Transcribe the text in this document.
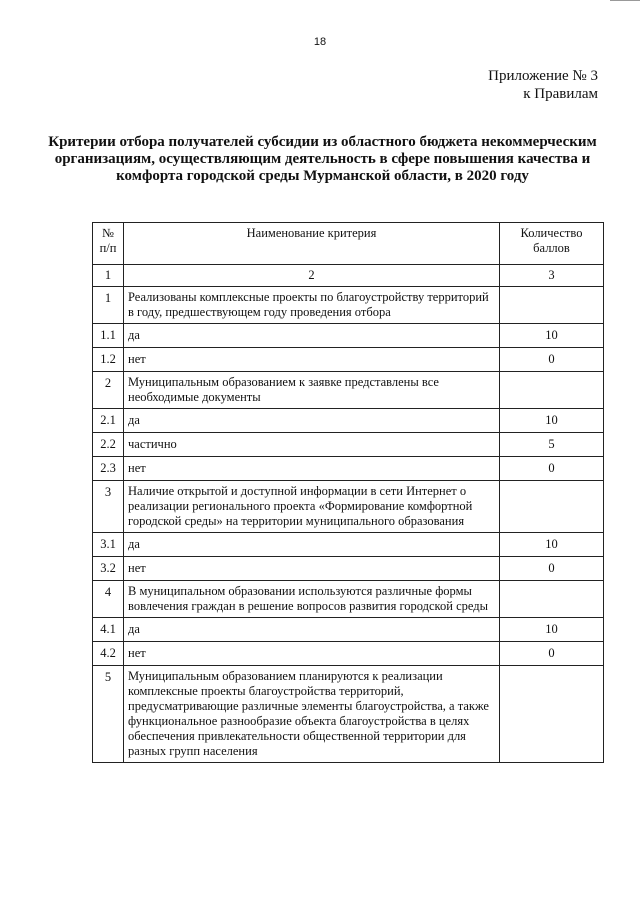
18
Приложение № 3
к Правилам
Критерии отбора получателей субсидии из областного бюджета некоммерческим организациям, осуществляющим деятельность в сфере повышения качества и комфорта городской среды Мурманской области, в 2020 году
№ п/п	Наименование критерия	Количество баллов
1	2	3
1	Реализованы комплексные проекты по благоустройству территорий в году, предшествующем году проведения отбора	
1.1	да	10
1.2	нет	0
2	Муниципальным образованием к заявке представлены все необходимые документы	
2.1	да	10
2.2	частично	5
2.3	нет	0
3	Наличие открытой и доступной информации в сети Интернет о реализации регионального проекта «Формирование комфортной городской среды» на территории муниципального образования	
3.1	да	10
3.2	нет	0
4	В муниципальном образовании используются различные формы вовлечения граждан в решение вопросов развития городской среды	
4.1	да	10
4.2	нет	0
5	Муниципальным образованием планируются к реализации комплексные проекты благоустройства территорий, предусматривающие различные элементы благоустройства, а также функциональное разнообразие объекта благоустройства в целях обеспечения привлекательности общественной территории для разных групп населения	
